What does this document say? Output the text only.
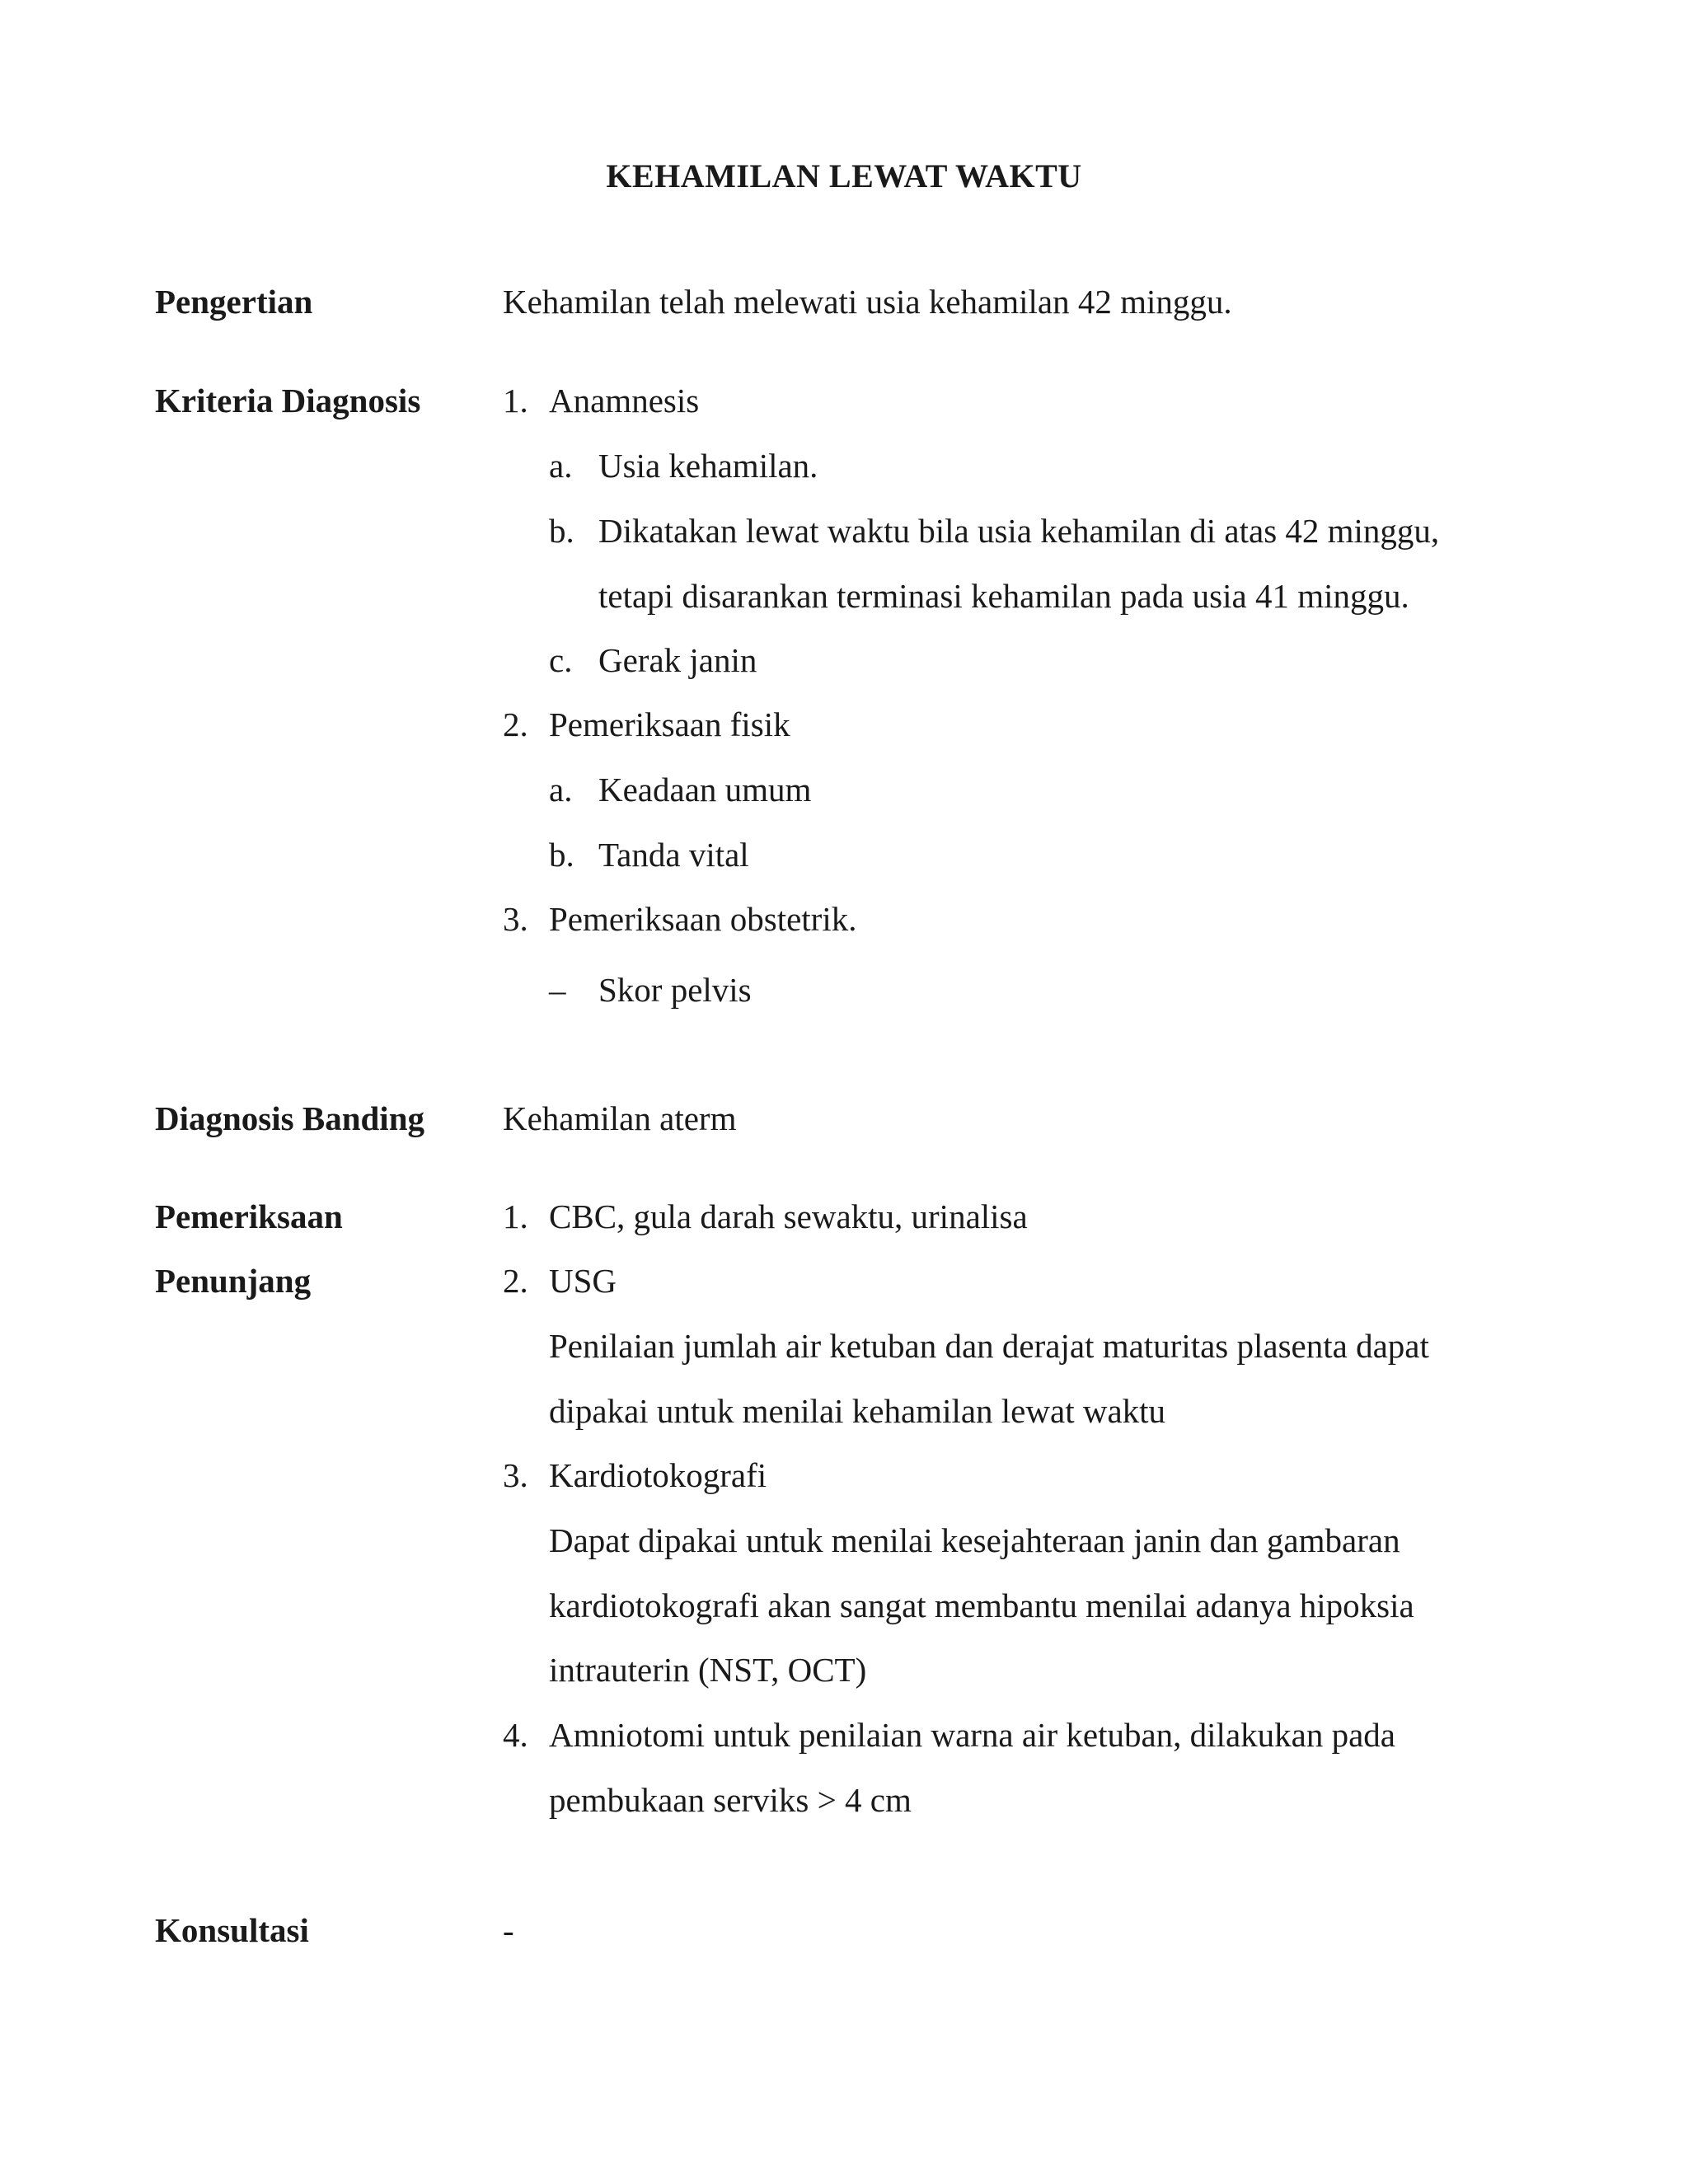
KEHAMILAN LEWAT WAKTU
Pengertian	Kehamilan telah melewati usia kehamilan 42 minggu.
Kriteria Diagnosis 1. Anamnesis
a. Usia kehamilan.
b. Dikatakan lewat waktu bila usia kehamilan di atas 42 minggu,
tetapi disarankan terminasi kehamilan pada usia 41 minggu.
c. Gerak janin
2. Pemeriksaan fisik
a. Keadaan umum
b. Tanda vital
3. Pemeriksaan obstetrik.
– Skor pelvis
Diagnosis Banding Kehamilan aterm
Pemeriksaan
Penunjang
1. CBC, gula darah sewaktu, urinalisa
2. USG
Penilaian jumlah air ketuban dan derajat maturitas plasenta dapat
dipakai untuk menilai kehamilan lewat waktu
3. Kardiotokografi
Dapat dipakai untuk menilai kesejahteraan janin dan gambaran
kardiotokografi akan sangat membantu menilai adanya hipoksia
intrauterin (NST, OCT)
4. Amniotomi untuk penilaian warna air ketuban, dilakukan pada
pembukaan serviks > 4 cm
Konsultasi	-
